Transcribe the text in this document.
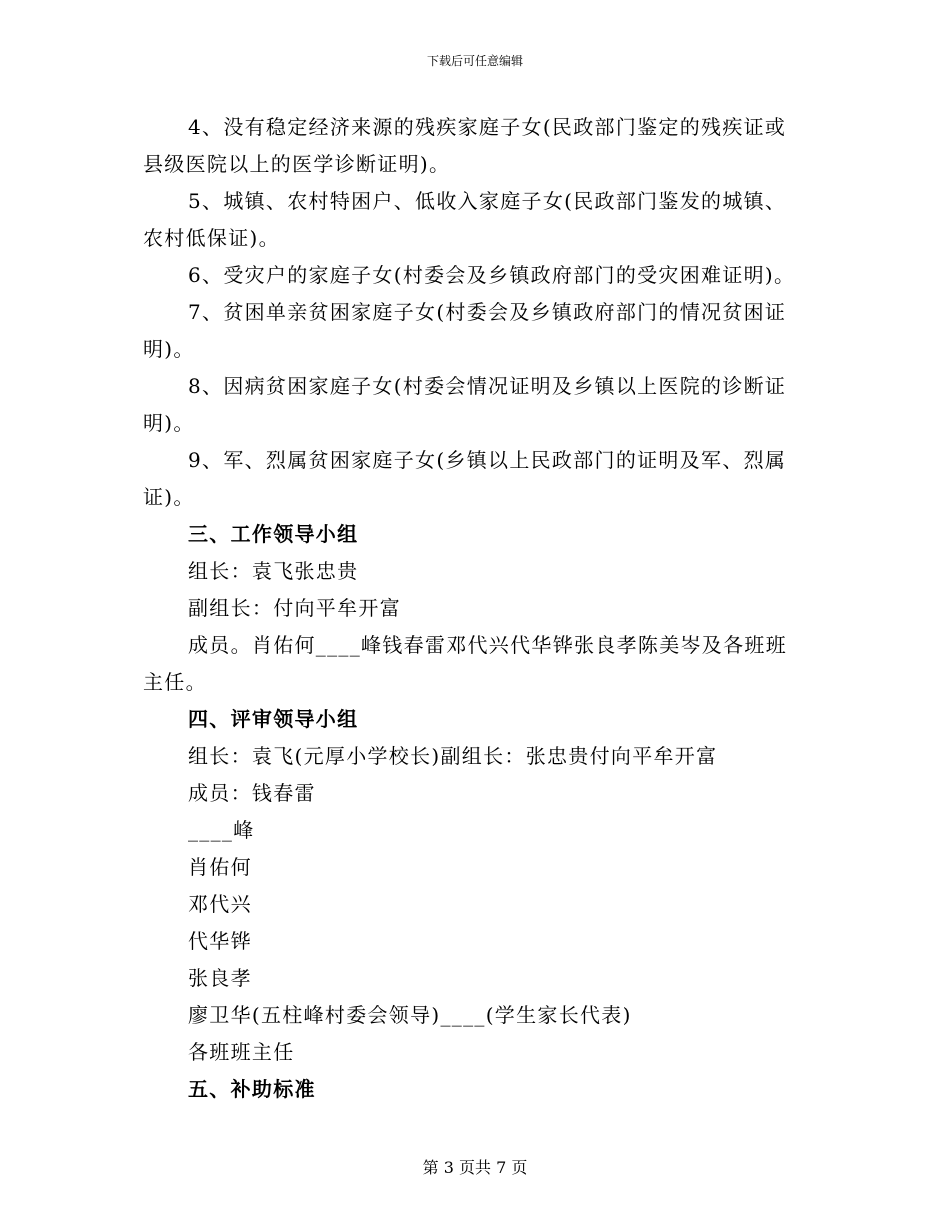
下载后可任意编辑
4、没有稳定经济来源的残疾家庭子女(民政部门鉴定的残疾证或
县级医院以上的医学诊断证明)。
5、城镇、农村特困户、低收入家庭子女(民政部门鉴发的城镇、
农村低保证)。
6、受灾户的家庭子女(村委会及乡镇政府部门的受灾困难证明)。
7、贫困单亲贫困家庭子女(村委会及乡镇政府部门的情况贫困证
明)。
8、因病贫困家庭子女(村委会情况证明及乡镇以上医院的诊断证
明)。
9、军、烈属贫困家庭子女(乡镇以上民政部门的证明及军、烈属
证)。
三、工作领导小组
组长：袁飞张忠贵
副组长：付向平牟开富
成员。肖佑何____峰钱春雷邓代兴代华铧张良孝陈美岑及各班班
主任。
四、评审领导小组
组长：袁飞(元厚小学校长)副组长：张忠贵付向平牟开富
成员：钱春雷
____峰
肖佑何
邓代兴
代华铧
张良孝
廖卫华(五柱峰村委会领导)____(学生家长代表)
各班班主任
五、补助标准
第 3 页共 7 页
